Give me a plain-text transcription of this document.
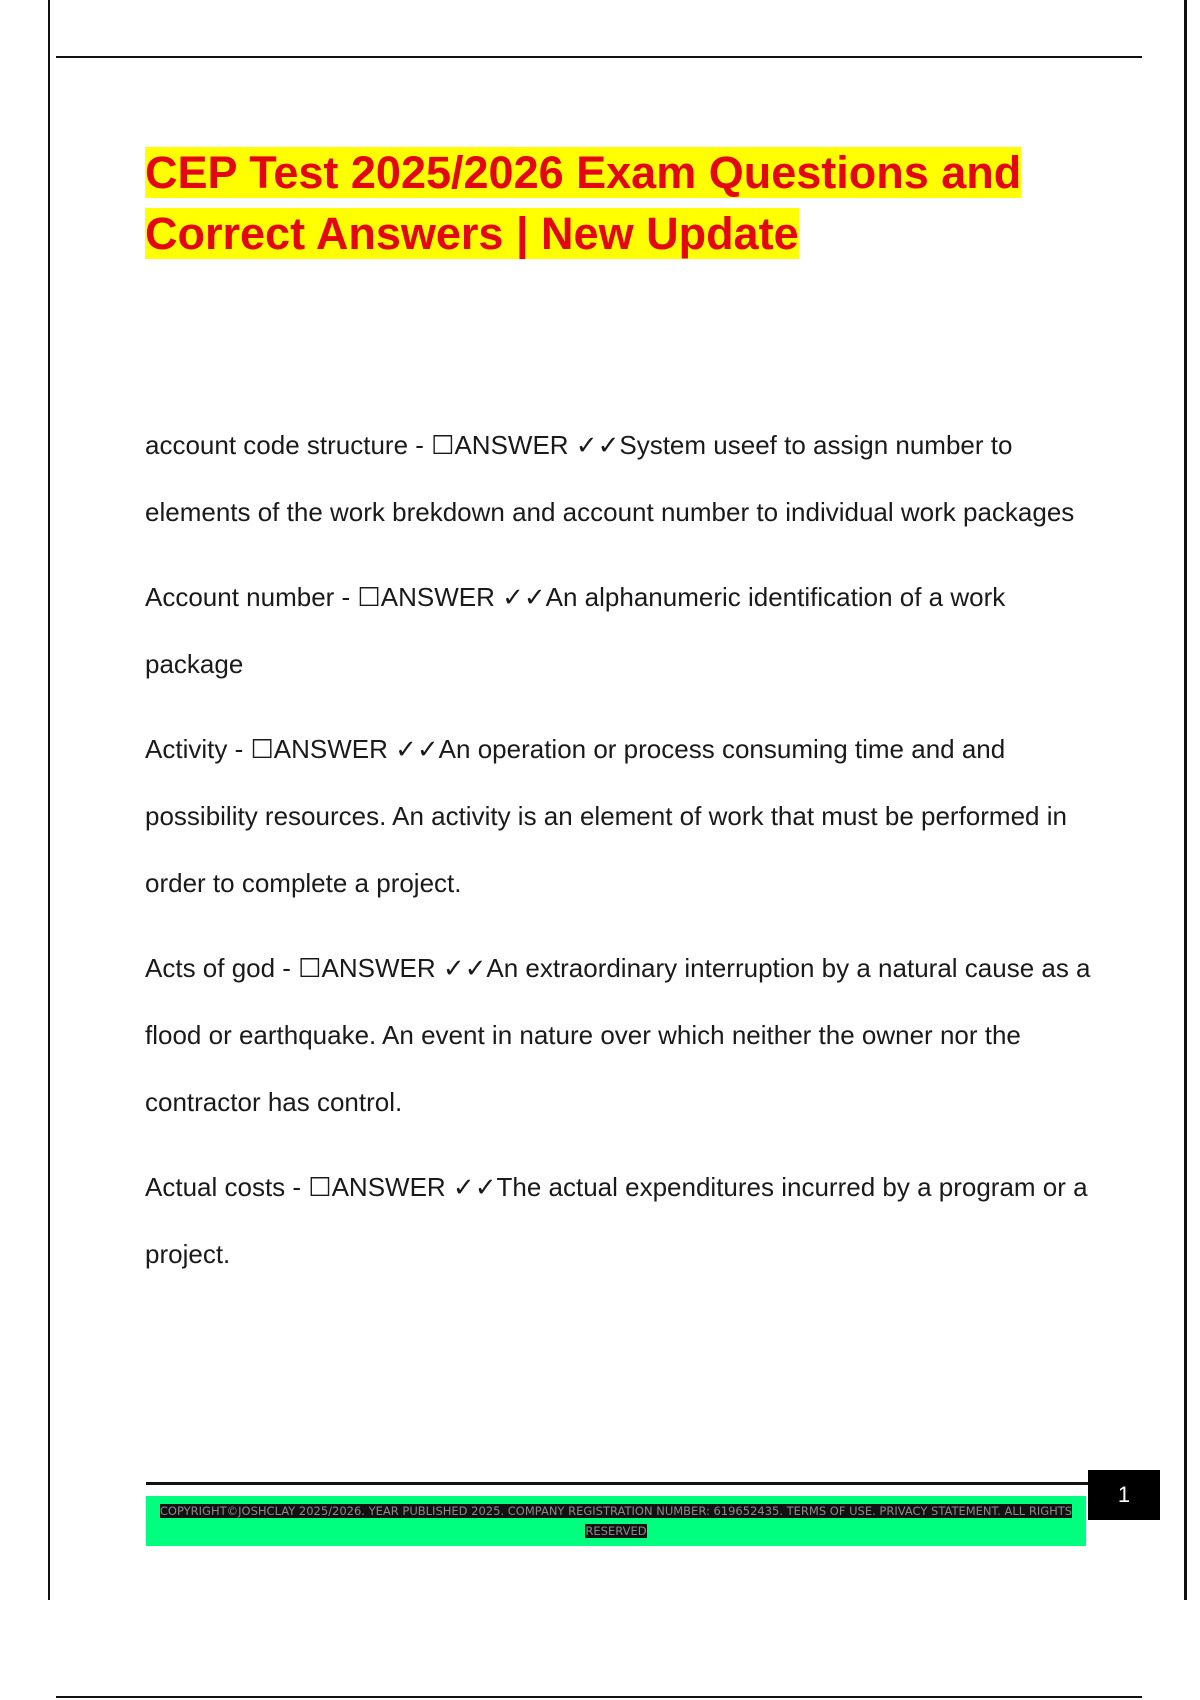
CEP Test 2025/2026 Exam Questions and Correct Answers | New Update

account code structure - ☐ANSWER ✓✓System useef to assign number to elements of the work brekdown and account number to individual work packages

Account number - ☐ANSWER ✓✓An alphanumeric identification of a work package

Activity - ☐ANSWER ✓✓An operation or process consuming time and and possibility resources. An activity is an element of work that must be performed in order to complete a project.

Acts of god - ☐ANSWER ✓✓An extraordinary interruption by a natural cause as a flood or earthquake. An event in nature over which neither the owner nor the contractor has control.

Actual costs - ☐ANSWER ✓✓The actual expenditures incurred by a program or a project.

COPYRIGHT©JOSHCLAY 2025/2026. YEAR PUBLISHED 2025. COMPANY REGISTRATION NUMBER: 619652435. TERMS OF USE. PRIVACY STATEMENT. ALL RIGHTS RESERVED
1
